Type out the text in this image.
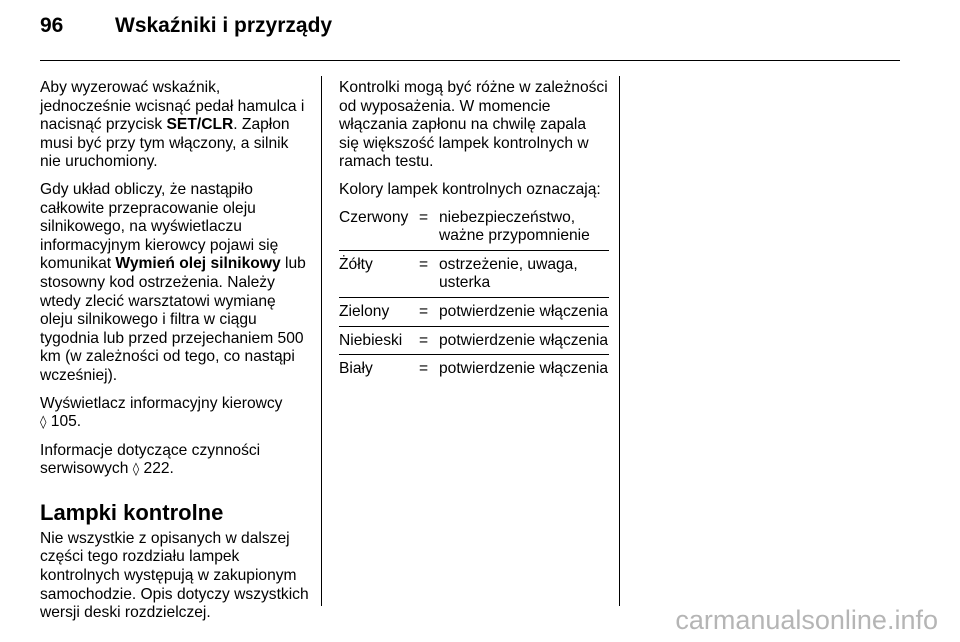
96 Wskaźniki i przyrządy

Aby wyzerować wskaźnik, jednocześnie wcisnąć pedał hamulca i nacisnąć przycisk SET/CLR. Zapłon musi być przy tym włączony, a silnik nie uruchomiony.

Gdy układ obliczy, że nastąpiło całkowite przepracowanie oleju silnikowego, na wyświetlaczu informacyjnym kierowcy pojawi się komunikat Wymień olej silnikowy lub stosowny kod ostrzeżenia. Należy wtedy zlecić warsztatowi wymianę oleju silnikowego i filtra w ciągu tygodnia lub przed przejechaniem 500 km (w zależności od tego, co nastąpi wcześniej).

Wyświetlacz informacyjny kierowcy
◊ 105.

Informacje dotyczące czynności serwisowych ◊ 222.

Lampki kontrolne

Nie wszystkie z opisanych w dalszej części tego rozdziału lampek kontrolnych występują w zakupionym samochodzie. Opis dotyczy wszystkich wersji deski rozdzielczej.

Kontrolki mogą być różne w zależności od wyposażenia. W momencie włączania zapłonu na chwilę zapala się większość lampek kontrolnych w ramach testu.

Kolory lampek kontrolnych oznaczają:

Czerwony = niebezpieczeństwo, ważne przypomnienie
Żółty	= ostrzeżenie, uwaga, usterka
Zielony	= potwierdzenie włączenia
Niebieski	= potwierdzenie włączenia
Biały	= potwierdzenie włączenia
carmanualsonline.info
